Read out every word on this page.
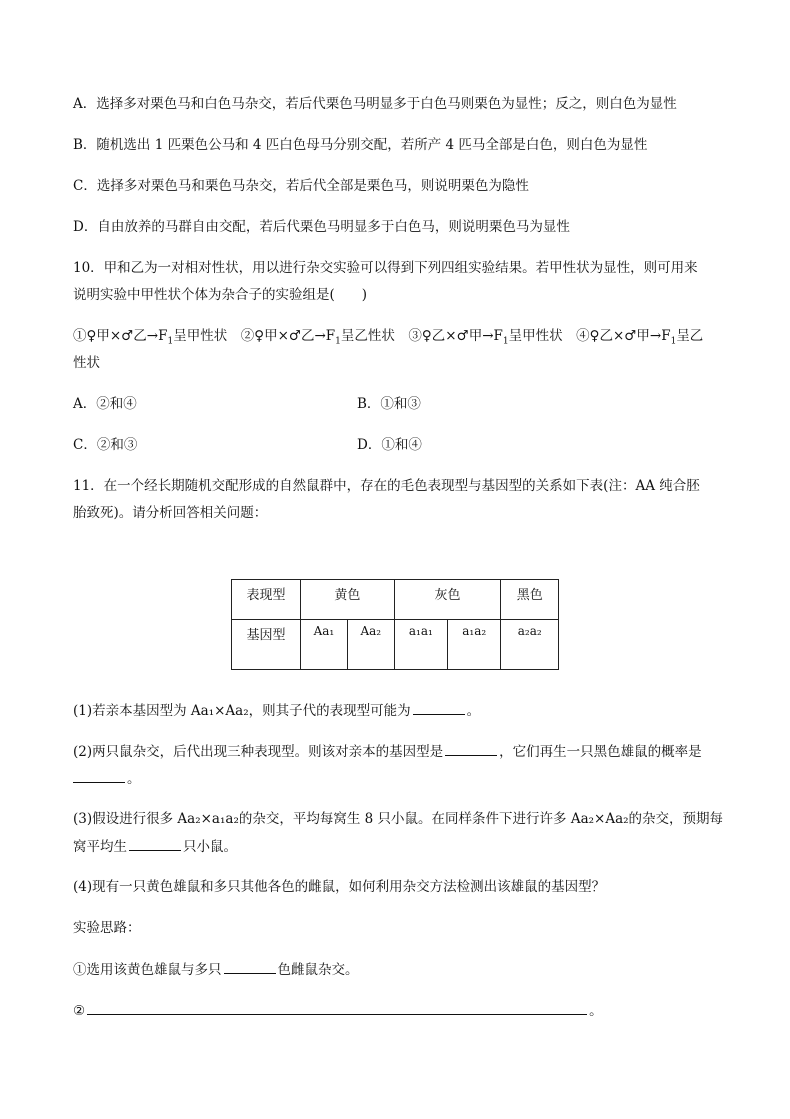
A．选择多对栗色马和白色马杂交，若后代栗色马明显多于白色马则栗色为显性；反之，则白色为显性
B．随机选出 1 匹栗色公马和 4 匹白色母马分别交配，若所产 4 匹马全部是白色，则白色为显性
C．选择多对栗色马和栗色马杂交，若后代全部是栗色马，则说明栗色为隐性
D．自由放养的马群自由交配，若后代栗色马明显多于白色马，则说明栗色马为显性
10．甲和乙为一对相对性状，用以进行杂交实验可以得到下列四组实验结果。若甲性状为显性，则可用来
说明实验中甲性状个体为杂合子的实验组是(　　)
①♀甲×♂乙$\to F_1$呈甲性状　②♀甲×♂乙$\to F_1$呈乙性状　③♀乙×♂甲$\to F_1$呈甲性状　④♀乙×♂甲$\to F_1$呈乙
性状
A．②和④	B．①和③
C．②和③	D．①和④
11．在一个经长期随机交配形成的自然鼠群中，存在的毛色表现型与基因型的关系如下表(注：AA 纯合胚
胎致死)。请分析回答相关问题：
表现型	黄色		灰色		黑色
基因型	Aa₁	Aa₂	a₁a₁	a₁a₂	a₂a₂
(1)若亲本基因型为 Aa₁×Aa₂，则其子代的表现型可能为	。
(2)两只鼠杂交，后代出现三种表现型。则该对亲本的基因型是	，它们再生一只黑色雄鼠的概率是
。
(3)假设进行很多 Aa₂×a₁a₂的杂交，平均每窝生 8 只小鼠。在同样条件下进行许多 Aa₂×Aa₂的杂交，预期每
窝平均生	只小鼠。
(4)现有一只黄色雄鼠和多只其他各色的雌鼠，如何利用杂交方法检测出该雄鼠的基因型？
实验思路：
①选用该黄色雄鼠与多只	色雌鼠杂交。
②	。
